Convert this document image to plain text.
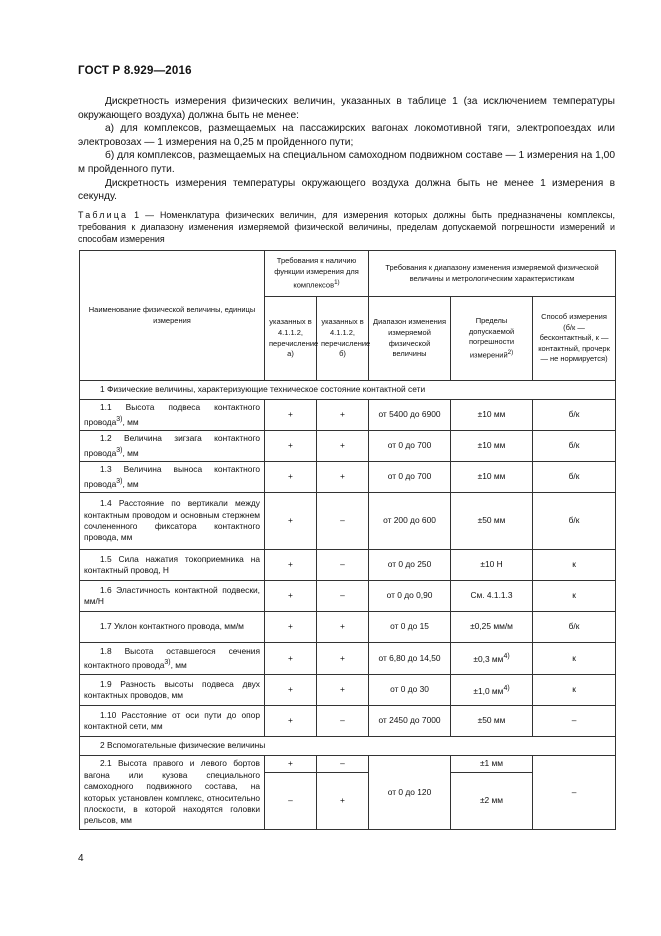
ГОСТ Р 8.929—2016

Дискретность измерения физических величин, указанных в таблице 1 (за исключением температуры окружающего воздуха) должна быть не менее:

а) для комплексов, размещаемых на пассажирских вагонах локомотивной тяги, электропоездах или электровозах — 1 измерения на 0,25 м пройденного пути;

б) для комплексов, размещаемых на специальном самоходном подвижном составе — 1 измерения на 1,00 м пройденного пути.

Дискретность измерения температуры окружающего воздуха должна быть не менее 1 измерения в секунду.

Таблица 1 — Номенклатура физических величин, для измерения которых должны быть предназначены комплексы, требования к диапазону изменения измеряемой физической величины, пределам допускаемой погрешности измерений и способам измерения
Наименование физической величины, единицы измерения	Требования к наличию функции измерения для комплексов$^{1)}$		Требования к диапазону изменения измеряемой физической величины и метрологическим характеристикам		
	указанных в 4.1.1.2, перечисление а)	указанных в 4.1.1.2, перечисление б)	Диапазон изменения измеряемой физической величины	Пределы допускаемой погрешности измерений$^{2)}$	Способ измерения (б/к — бесконтактный, к — контактный, прочерк — не нормируется)
1 Физические величины, характеризующие техническое состояние контактной сети					
1.1 Высота подвеса контактного провода$^{3)}$, мм	+	+	от 5400 до 6900	±10 мм	б/к
1.2 Величина зигзага контактного провода$^{3)}$, мм	+	+	от 0 до 700	±10 мм	б/к
1.3 Величина выноса контактного провода$^{3)}$, мм	+	+	от 0 до 700	±10 мм	б/к
1.4 Расстояние по вертикали между контактным проводом и основным стержнем сочлененного фиксатора контактного провода, мм	+	–	от 200 до 600	±50 мм	б/к
1.5 Сила нажатия токоприемника на контактный провод, Н	+	–	от 0 до 250	±10 Н	к
1.6 Эластичность контактной подвески, мм/Н	+	–	от 0 до 0,90	См. 4.1.1.3	к
1.7 Уклон контактного провода, мм/м	+	+	от 0 до 15	±0,25 мм/м	б/к
1.8 Высота оставшегося сечения контактного провода$^{3)}$, мм	+	+	от 6,80 до 14,50	±0,3 $мм^{4)}$	к
1.9 Разность высоты подвеса двух контактных проводов, мм	+	+	от 0 до 30	±1,0 $мм^{4)}$	к
1.10 Расстояние от оси пути до опор контактной сети, мм	+	–	от 2450 до 7000	±50 мм	–
2 Вспомогательные физические величины					
2.1 Высота правого и левого бортов вагона или кузова специального самоходного подвижного состава, на которых установлен комплекс, относительно плоскости, в которой находятся головки рельсов, мм	+	–	от 0 до 120	±1 мм	–
	–	+		±2 мм	
4
